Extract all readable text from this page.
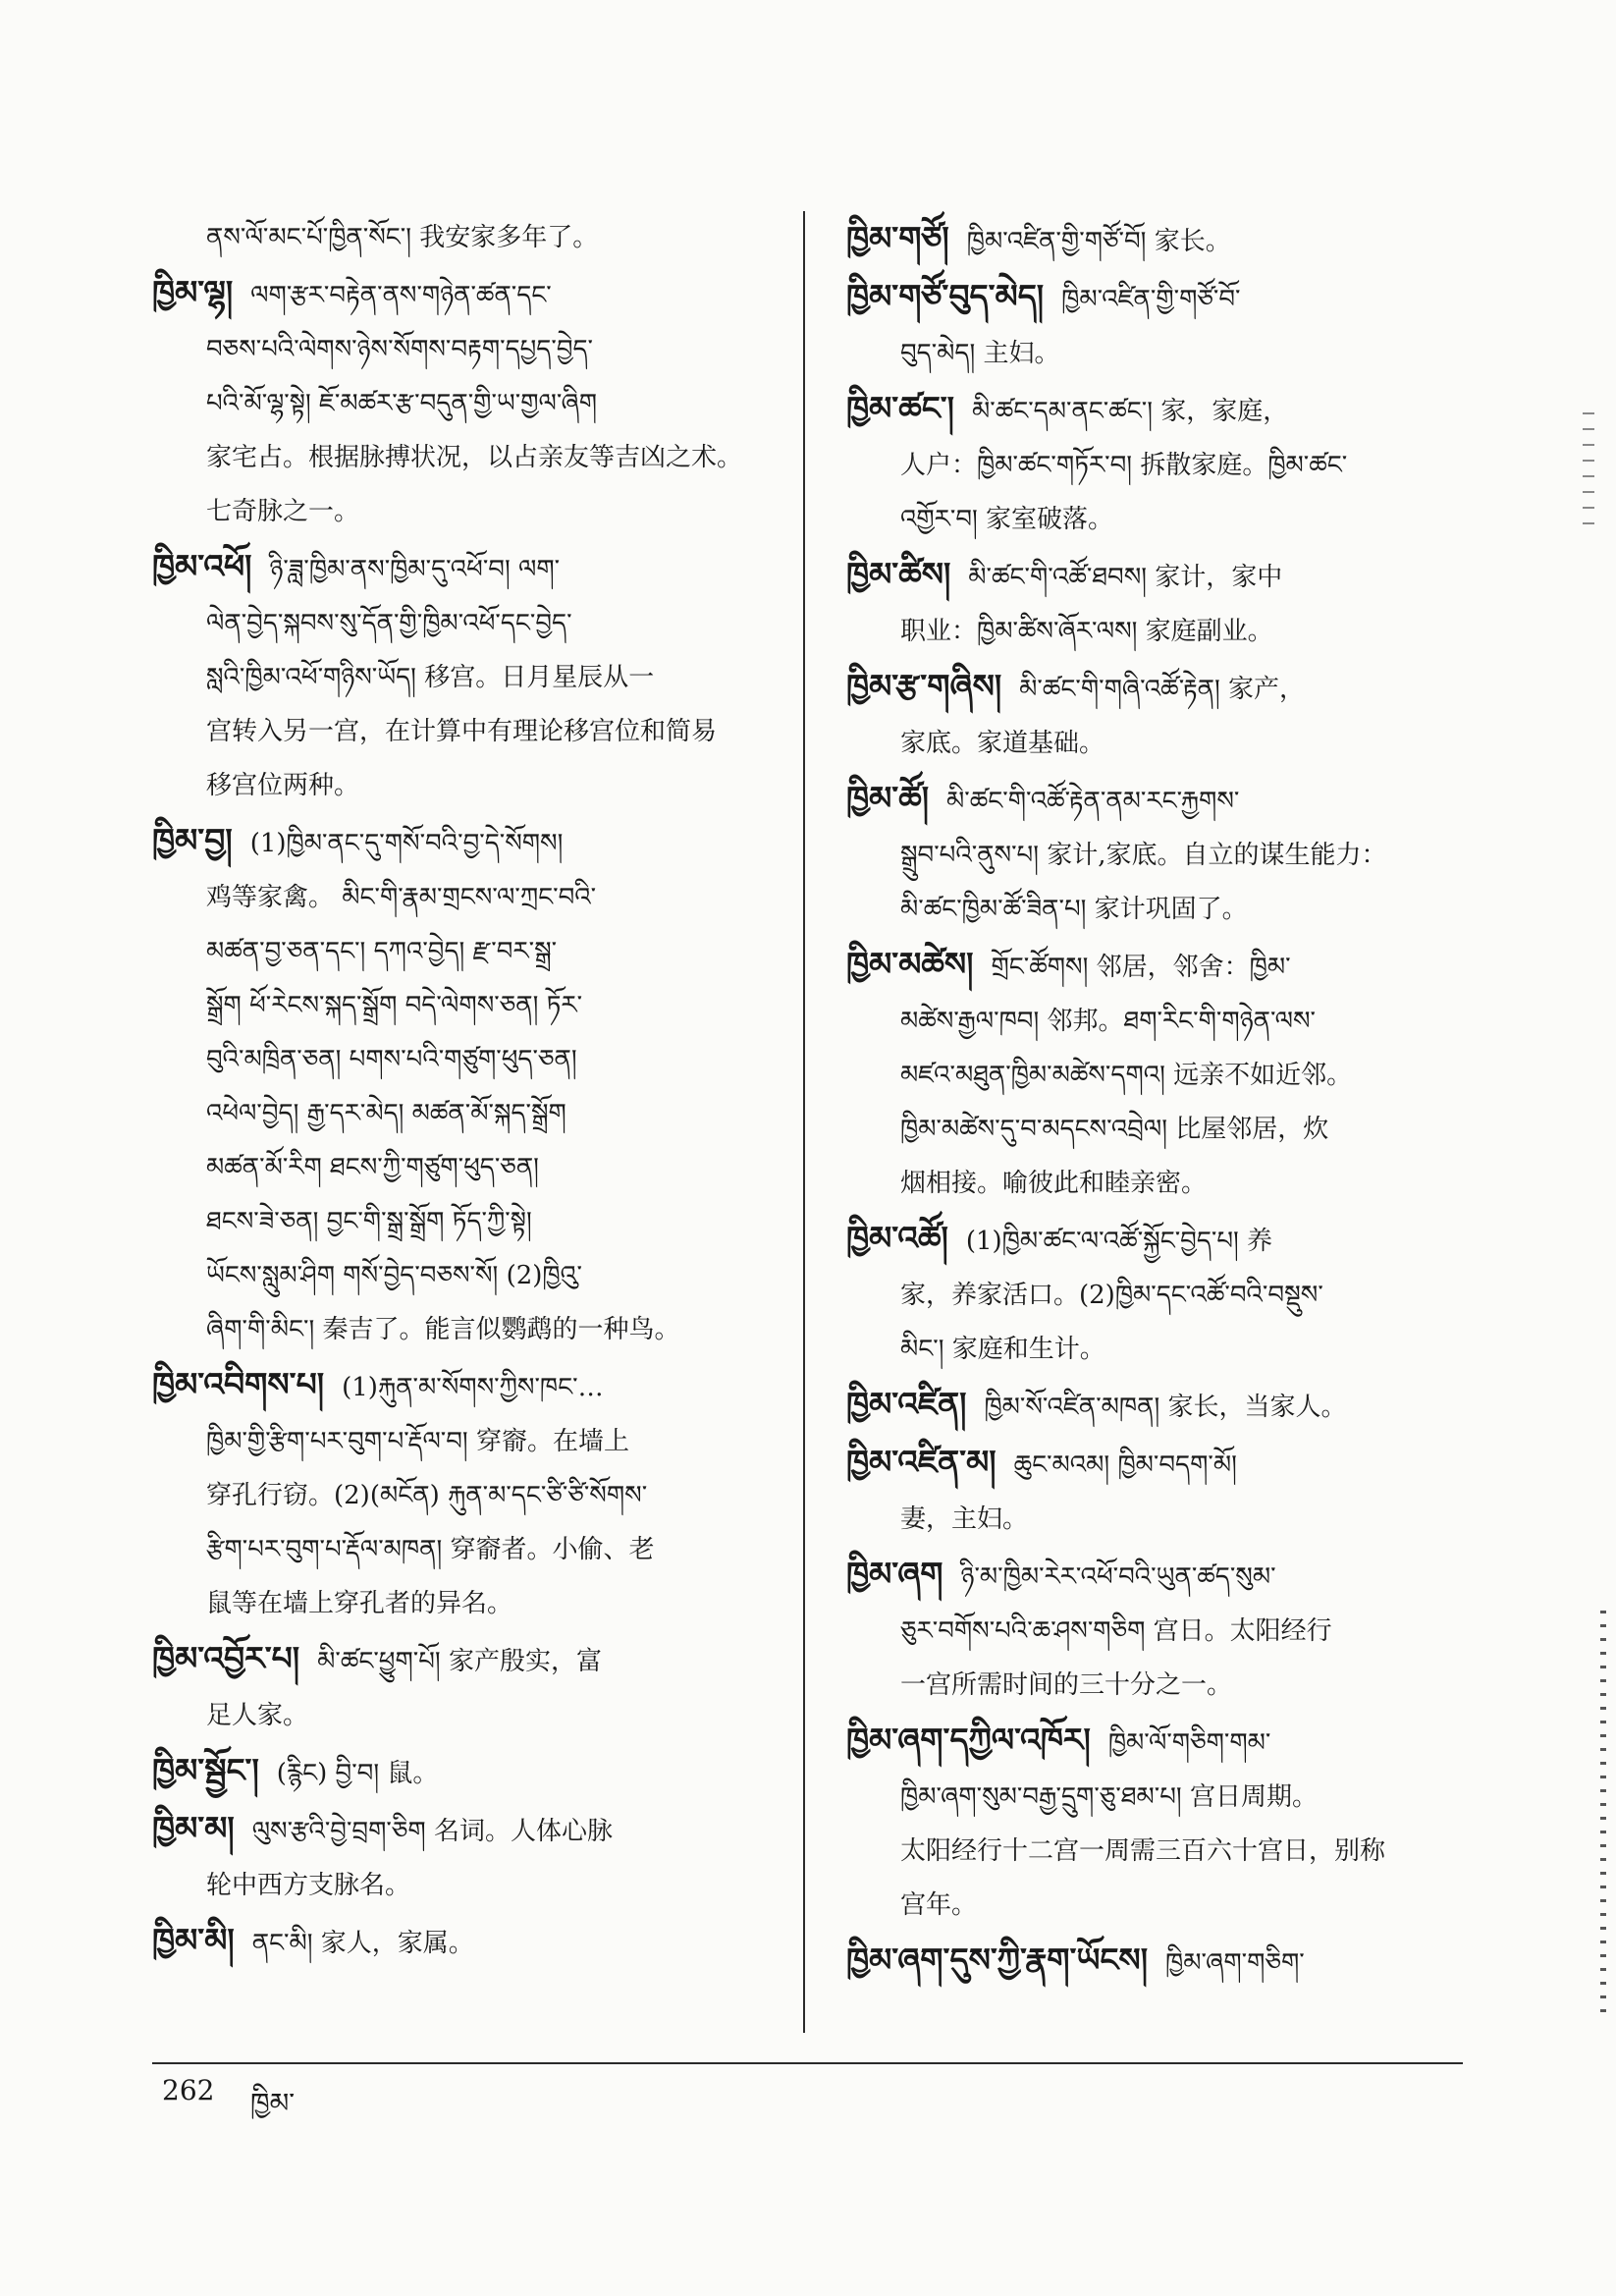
ནས་ལོ་མང་པོ་ཁྱིན་སོང་། 我安家多年了。
ཁྱིམ་ལྷ། ལག་རྩར་བརྟེན་ནས་གཉེན་ཚན་དང་
བཅས་པའི་ལེགས་ཉེས་སོགས་བརྟག་དཔྱད་བྱེད་
པའི་མོ་ལྷ་སྟེ། ཇོ་མཚར་རྩ་བདུན་གྱི་ཡ་གྱལ་ཞིག
家宅占。根据脉搏状况，以占亲友等吉凶之术。
七奇脉之一。
ཁྱིམ་འཕོ། ཉི་ཟླ་ཁྱིམ་ནས་ཁྱིམ་དུ་འཕོ་བ། ལག་
ལེན་བྱེད་སྐབས་སུ་དོན་གྱི་ཁྱིམ་འཕོ་དང་བྱེད་
སླའི་ཁྱིམ་འཕོ་གཉིས་ཡོད། 移宫。日月星辰从一
宫转入另一宫，在计算中有理论移宫位和简易
移宫位两种。
ཁྱིམ་བྱ། (1)ཁྱིམ་ནང་དུ་གསོ་བའི་བྱ་དེ་སོགས།
鸡等家禽。 མིང་གི་རྣམ་གྲངས་ལ་ཀྲང་བའི་
མཚན་བྱ་ཅན་དང་། དཀའ་བྱེད། རྫ་བར་སྒྲ་
སྒྲོག ཕོ་རེངས་སྐད་སྒྲོག བདེ་ལེགས་ཅན། ཏོར་
བུའི་མཁྲིན་ཅན། པགས་པའི་གཙུག་ཕུད་ཅན།
འཕེལ་བྱེད། རྒྱ་དར་མེད། མཚན་མོ་སྐད་སྒྲོག
མཚན་མོ་རིག ཐངས་ཀྱི་གཙུག་ཕུད་ཅན།
ཐངས་ཟེ་ཅན། བྱང་གི་སྒྲ་སྒྲོག ཏོད་ཀྱི་སྟེ།
ཡོངས་སླུམ་ཤིག གསོ་བྱེད་བཅས་སོ། (2)ཁྱིའུ་
ཞིག་གི་མིང་། 秦吉了。能言似鹦鹉的一种鸟。
ཁྱིམ་འབིགས་པ། (1)རྐུན་མ་སོགས་ཀྱིས་ཁང་…
ཁྱིམ་གྱི་རྩིག་པར་བུག་པ་རྡོལ་བ། 穿窬。在墙上
穿孔行窃。(2)(མངོན) རྐུན་མ་དང་ཙི་ཙི་སོགས་
རྩིག་པར་བུག་པ་རྡོལ་མཁན། 穿窬者。小偷、老
鼠等在墙上穿孔者的异名。
ཁྱིམ་འབྱོར་པ། མི་ཚང་ཕྱུག་པོ། 家产殷实，富
足人家。
ཁྱིམ་སྦྱོང་། (རྙིང) བྱི་བ། 鼠。
ཁྱིམ་མ། ལུས་རྩའི་བྱེ་བྲག་ཅིག 名词。人体心脉
轮中西方支脉名。
ཁྱིམ་མི། ནང་མི། 家人，家属。
ཁྱིམ་གཙོ། ཁྱིམ་འཛིན་གྱི་གཙོ་བོ། 家长。
ཁྱིམ་གཙོ་བུད་མེད། ཁྱིམ་འཛིན་གྱི་གཙོ་བོ་
བུད་མེད། 主妇。
ཁྱིམ་ཚང་། མི་ཚང་དམ་ནང་ཚང་། 家，家庭，
人户：ཁྱིམ་ཚང་གཏོར་བ། 拆散家庭。ཁྱིམ་ཚང་
འགྱོར་བ། 家室破落。
ཁྱིམ་ཚིས། མི་ཚང་གི་འཚོ་ཐབས། 家计，家中
职业：ཁྱིམ་ཚིས་ཞོར་ལས། 家庭副业。
ཁྱིམ་རྩ་གཞིས། མི་ཚང་གི་གཞི་འཚོ་རྟེན། 家产，
家底。家道基础。
ཁྱིམ་ཚོ། མི་ཚང་གི་འཚོ་རྟེན་ནམ་རང་རྐྱགས་
སྒྲུབ་པའི་ནུས་པ། 家计,家底。自立的谋生能力：
མི་ཚང་ཁྱིམ་ཚོ་ཟིན་པ། 家计巩固了。
ཁྱིམ་མཚེས། གྲོང་ཚོགས། 邻居，邻舍：ཁྱིམ་
མཚེས་རྒྱལ་ཁབ། 邻邦。ཐག་རིང་གི་གཉེན་ལས་
མཛའ་མཐུན་ཁྱིམ་མཚེས་དགའ། 远亲不如近邻。
ཁྱིམ་མཚེས་དུ་བ་མདངས་འབྲེལ། 比屋邻居，炊
烟相接。喻彼此和睦亲密。
ཁྱིམ་འཚོ། (1)ཁྱིམ་ཚང་ལ་འཚོ་སྐྱོང་བྱེད་པ། 养
家，养家活口。(2)ཁྱིམ་དང་འཚོ་བའི་བསྡུས་
མིང་། 家庭和生计。
ཁྱིམ་འཛིན། ཁྱིམ་སོ་འཛིན་མཁན། 家长，当家人。
ཁྱིམ་འཛིན་མ། ཆུང་མའམ། ཁྱིམ་བདག་མོ།
妻，主妇。
ཁྱིམ་ཞག ཉི་མ་ཁྱིམ་རེར་འཕོ་བའི་ཡུན་ཚད་སུམ་
ཅུར་བགོས་པའི་ཆ་ཤས་གཅིག 宫日。太阳经行
一宫所需时间的三十分之一。
ཁྱིམ་ཞག་དཀྱིལ་འཁོར། ཁྱིམ་ལོ་གཅིག་གམ་
ཁྱིམ་ཞག་སུམ་བརྒྱ་དྲུག་ཅུ་ཐམ་པ། 宫日周期。
太阳经行十二宫一周需三百六十宫日，别称
宫年。
ཁྱིམ་ཞག་དུས་ཀྱི་རྣག་ཡོངས། ཁྱིམ་ཞག་གཅིག་
262 ཁྱིམ་
